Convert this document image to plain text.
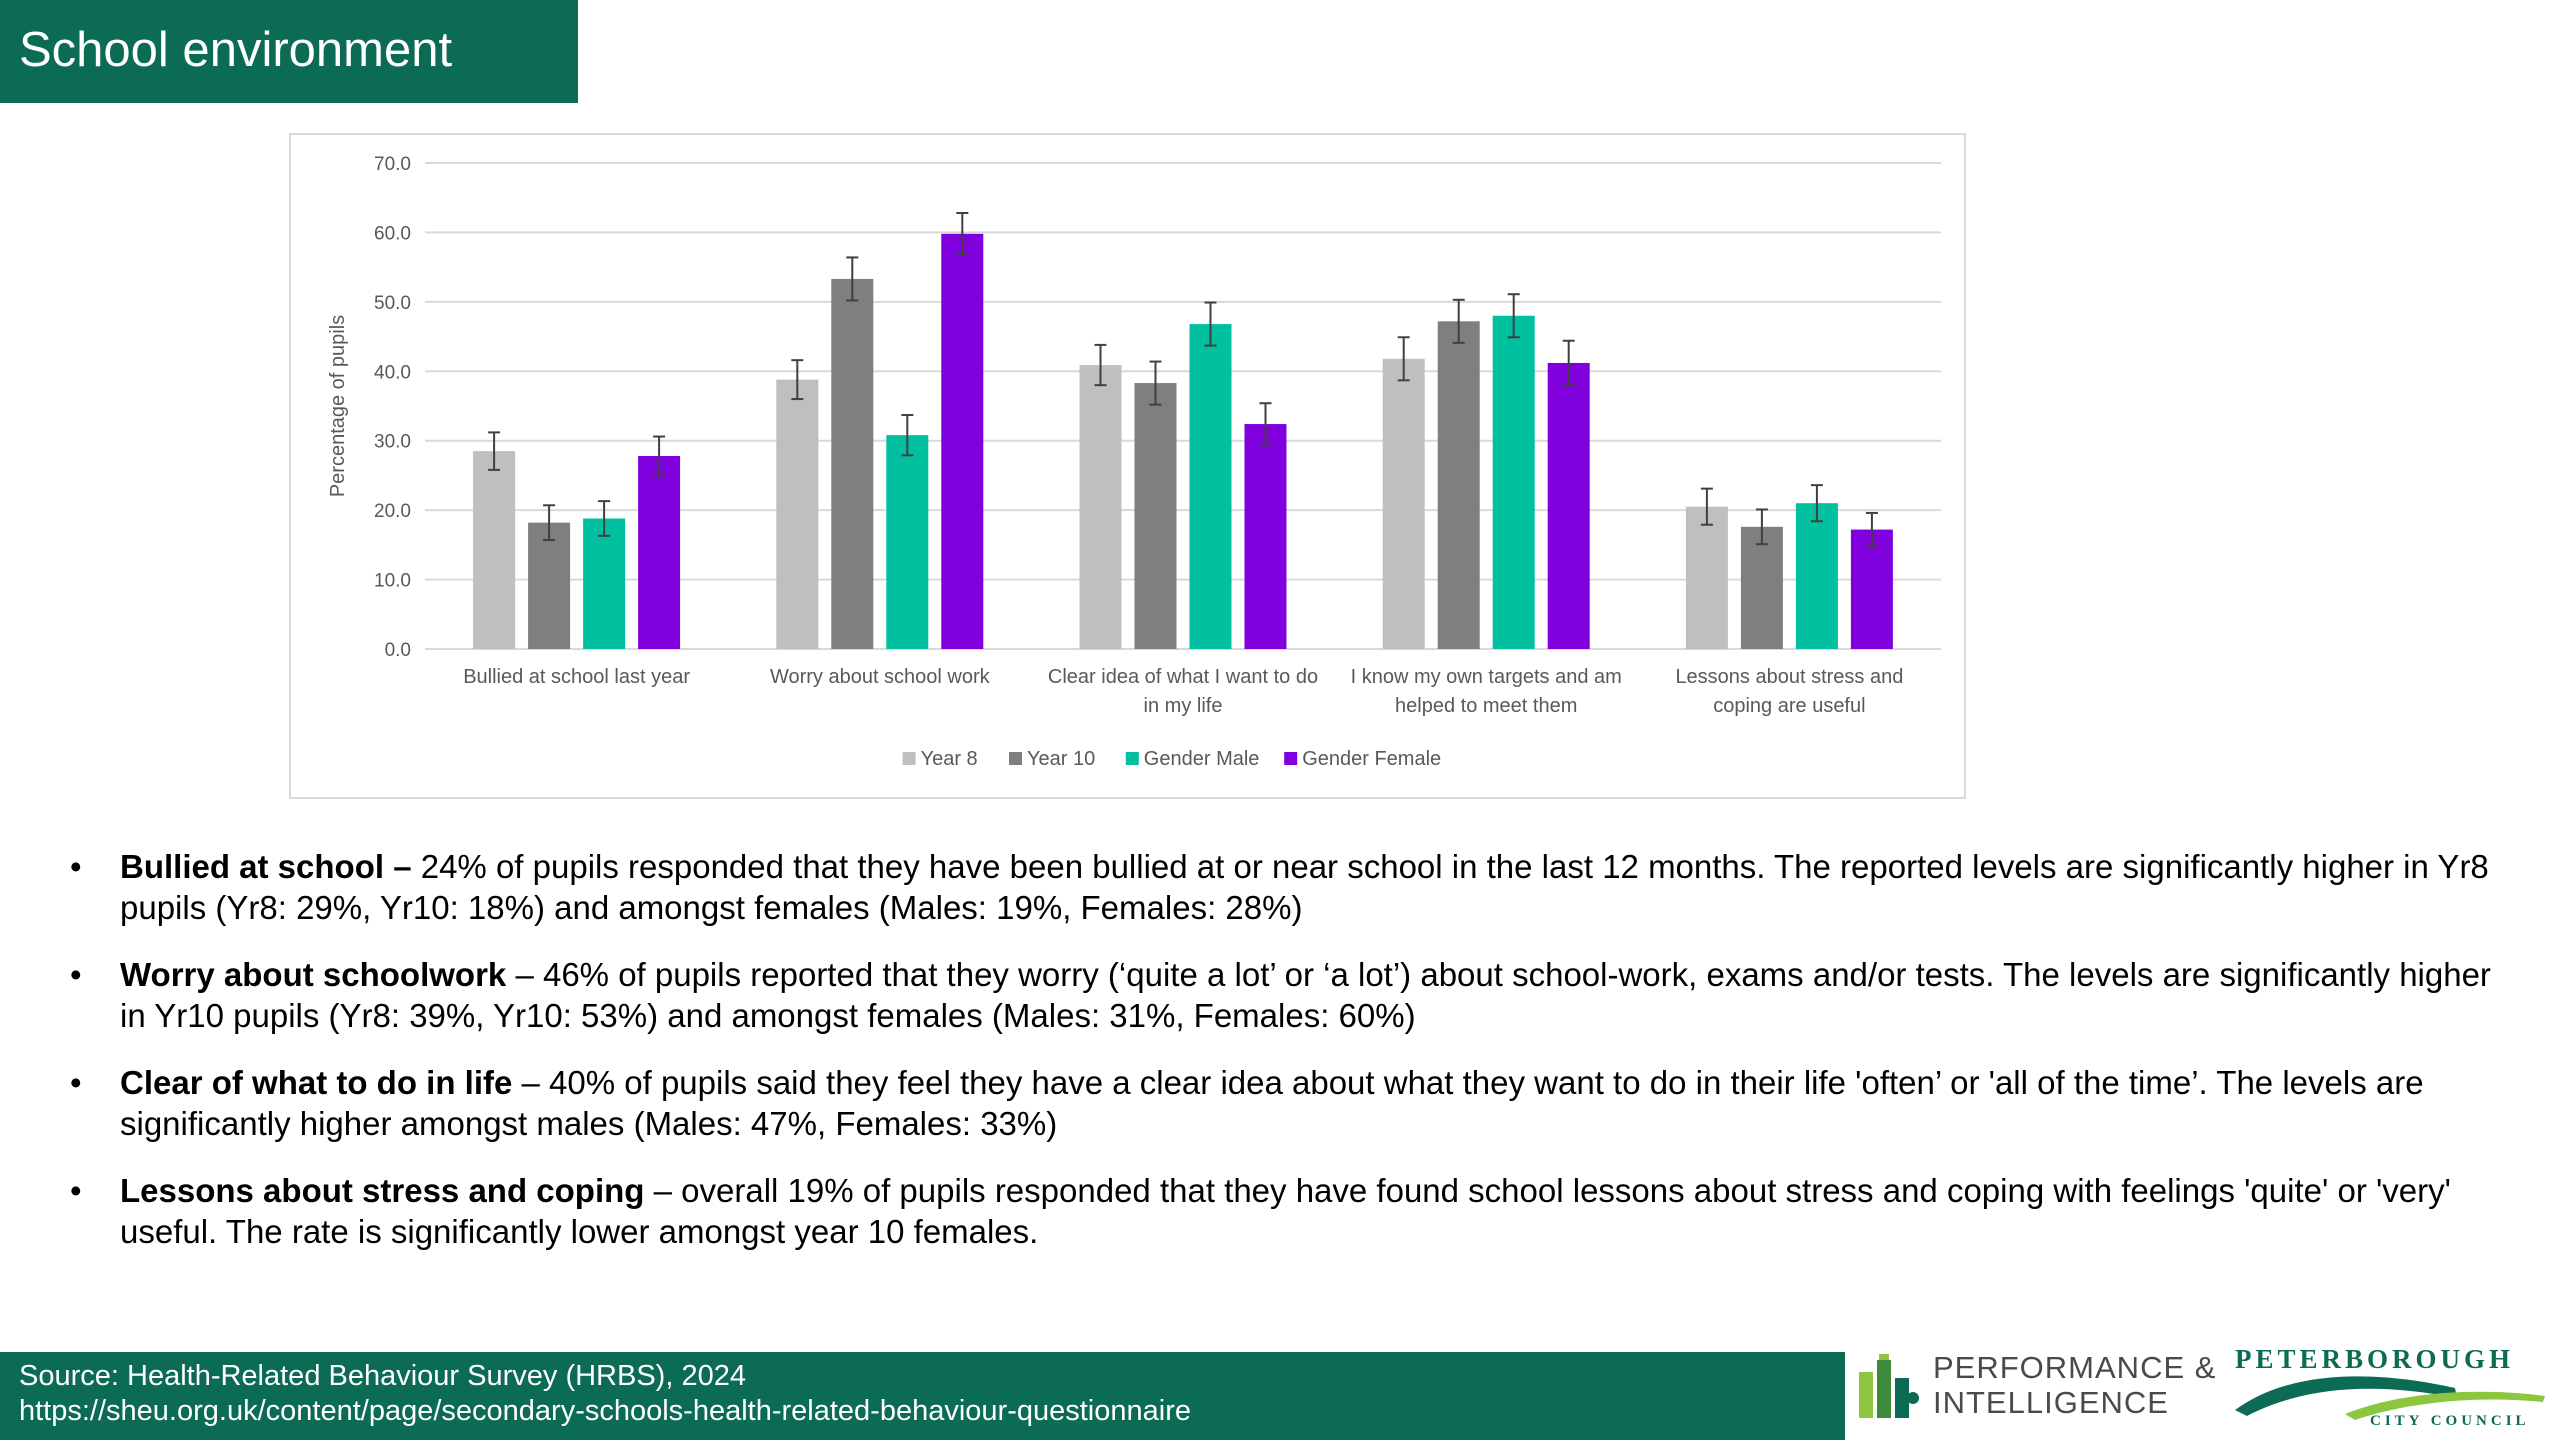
School environment
0.0
10.0
20.0
30.0
40.0
50.0
60.0
70.0
Percentage of pupils
Bullied at school last year	Worry about school work	Clear idea of what I want to do
in my life
I know my own targets and am
helped to meet them
Lessons about stress and
coping are useful
Year 8 Year 10 Gender Male Gender Female
• Bullied at school – 24% of pupils responded that they have been bullied at or near school in the last 12 months. The reported levels are significantly higher in Yr8 pupils (Yr8: 29%, Yr10: 18%) and amongst females (Males: 19%, Females: 28%)
• Worry about schoolwork – 46% of pupils reported that they worry (‘quite a lot’ or ‘a lot’) about school-work, exams and/or tests. The levels are significantly higher in Yr10 pupils (Yr8: 39%, Yr10: 53%) and amongst females (Males: 31%, Females: 60%)
• Clear of what to do in life – 40% of pupils said they feel they have a clear idea about what they want to do in their life 'often’ or 'all of the time’. The levels are significantly higher amongst males (Males: 47%, Females: 33%)
• Lessons about stress and coping – overall 19% of pupils responded that they have found school lessons about stress and coping with feelings 'quite' or 'very' useful. The rate is significantly lower amongst year 10 females.
Source: Health-Related Behaviour Survey (HRBS), 2024
https://sheu.org.uk/content/page/secondary-schools-health-related-behaviour-questionnaire
PERFORMANCE &
INTELLIGENCE
PETERBOROUGH
CITY COUNCIL
